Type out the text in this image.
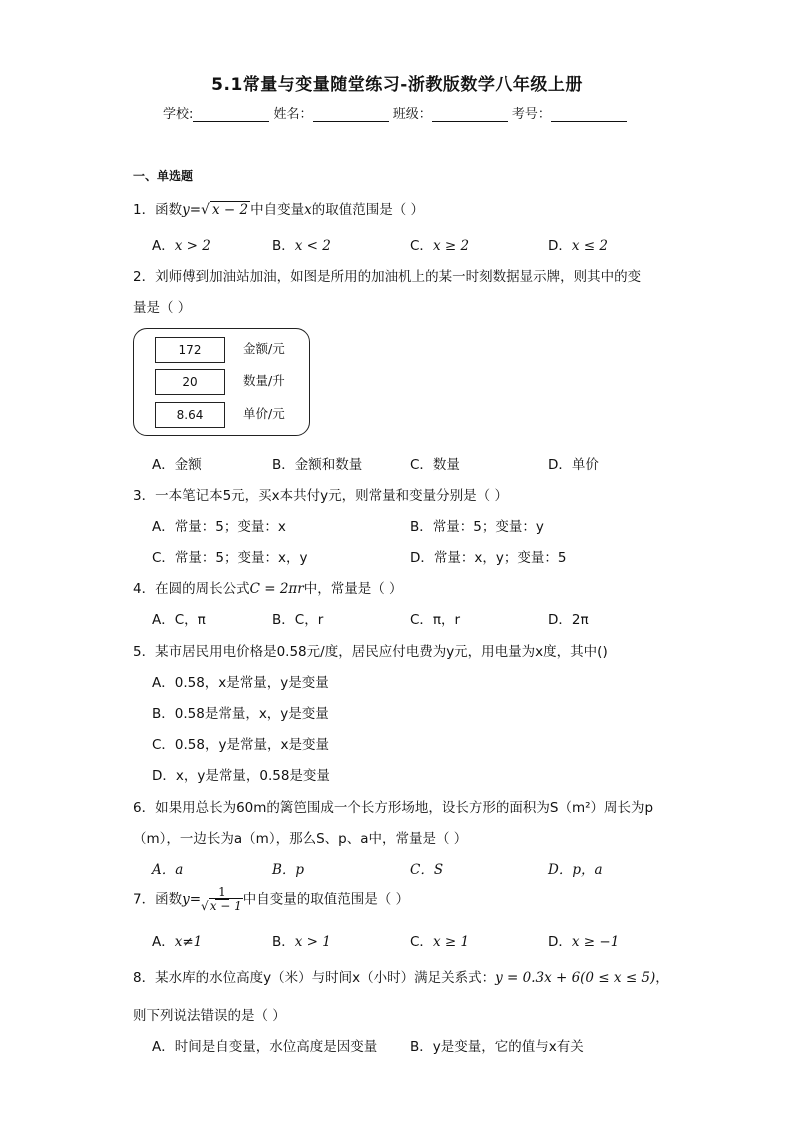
5.1常量与变量随堂练习-浙教版数学八年级上册
学校:	姓名：	班级：	考号：
一、单选题
1．函数y=√ x − 2 中自变量x的取值范围是（ ）
A．x > 2	B．x < 2	C．x ≥ 2	D．x ≤ 2
2．刘师傅到加油站加油，如图是所用的加油机上的某一时刻数据显示牌，则其中的变
量是（ ）
172	金额/元
20	数量/升
8.64	单价/元
A．金额	B．金额和数量	C．数量	D．单价
3．一本笔记本5元，买x本共付y元，则常量和变量分别是（ ）
A．常量：5；变量：x	B．常量：5；变量：y
C．常量：5；变量：x，y	D．常量：x，y；变量：5
4．在圆的周长公式C = 2πr中，常量是（ ）
A．C，π	B．C，r	C．π，r	D．2π
5．某市居民用电价格是0.58元/度，居民应付电费为y元，用电量为x度，其中()
A．0.58，x是常量，y是变量
B．0.58是常量，x，y是变量
C．0.58，y是常量，x是变量
D．x，y是常量，0.58是变量
6．如果用总长为60m的篱笆围成一个长方形场地，设长方形的面积为S（m²）周长为p
（m），一边长为a（m），那么S、p、a中，常量是（ ）
A．a	B．p	C．S	D．p，a
7．函数$y= \frac{1}{√x - 1}$ 中自变量的取值范围是（ ）
A．x≠1	B．x > 1	C．x ≥ 1	D．x ≥ −1
8．某水库的水位高度y（米）与时间x（小时）满足关系式：y = 0.3x + 6(0 ≤ x ≤ 5)，
则下列说法错误的是（ ）
A．时间是自变量，水位高度是因变量 B．y是变量，它的值与x有关
